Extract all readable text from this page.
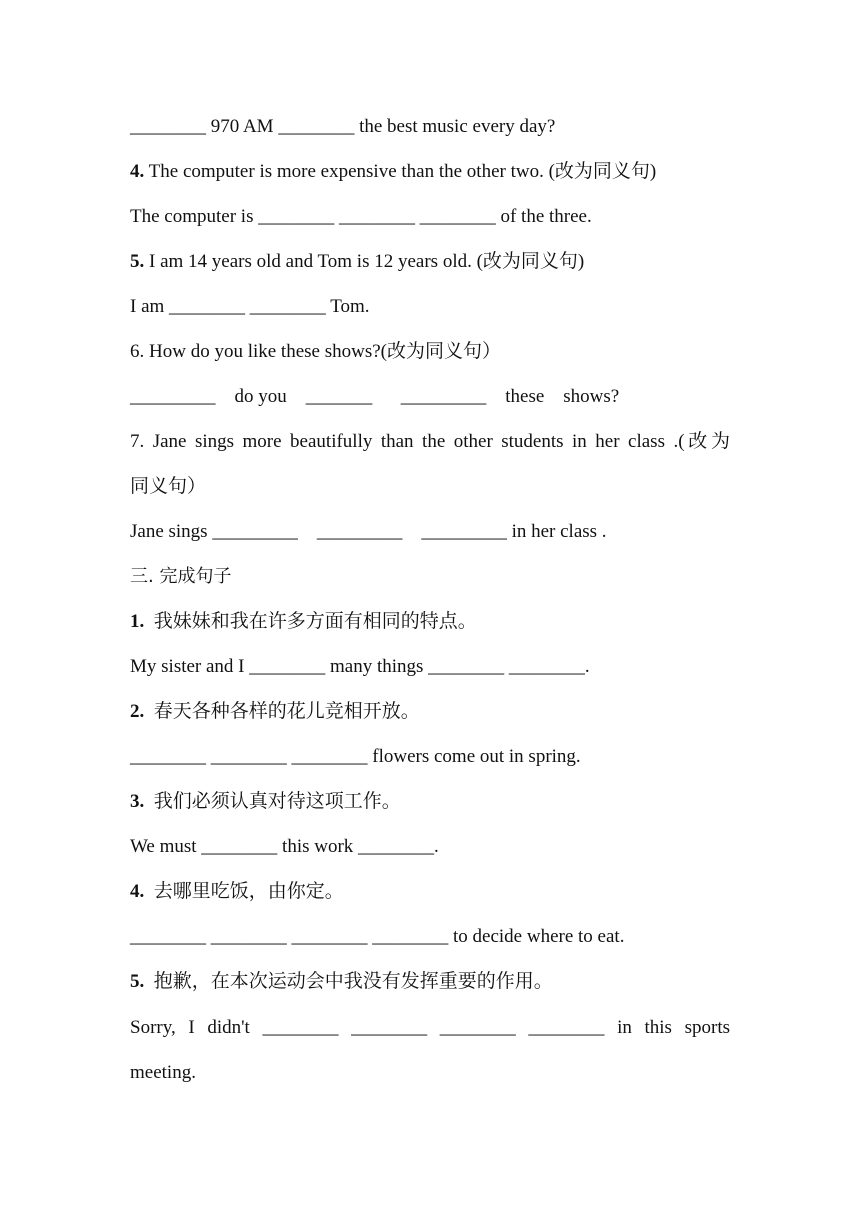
________ 970 AM ________ the best music every day?
4. The computer is more expensive than the other two. (改为同义句)
The computer is ________ ________ ________ of the three.
5. I am 14 years old and Tom is 12 years old. (改为同义句)
I am ________ ________ Tom.
6. How do you like these shows?(改为同义句）
_________    do you    _______      _________    these    shows?
7. Jane sings more beautifully than the other students in her class .(改为
同义句）
Jane sings _________    _________    _________ in her class .
三. 完成句子
1.  我妹妹和我在许多方面有相同的特点。
My sister and I ________ many things ________ ________.
2.  春天各种各样的花儿竞相开放。
________ ________ ________ flowers come out in spring.
3.  我们必须认真对待这项工作。
We must ________ this work ________.
4.  去哪里吃饭，由你定。
________ ________ ________ ________ to decide where to eat.
5.  抱歉，在本次运动会中我没有发挥重要的作用。
Sorry, I didn't ________ ________ ________ ________ in this sports
meeting.
